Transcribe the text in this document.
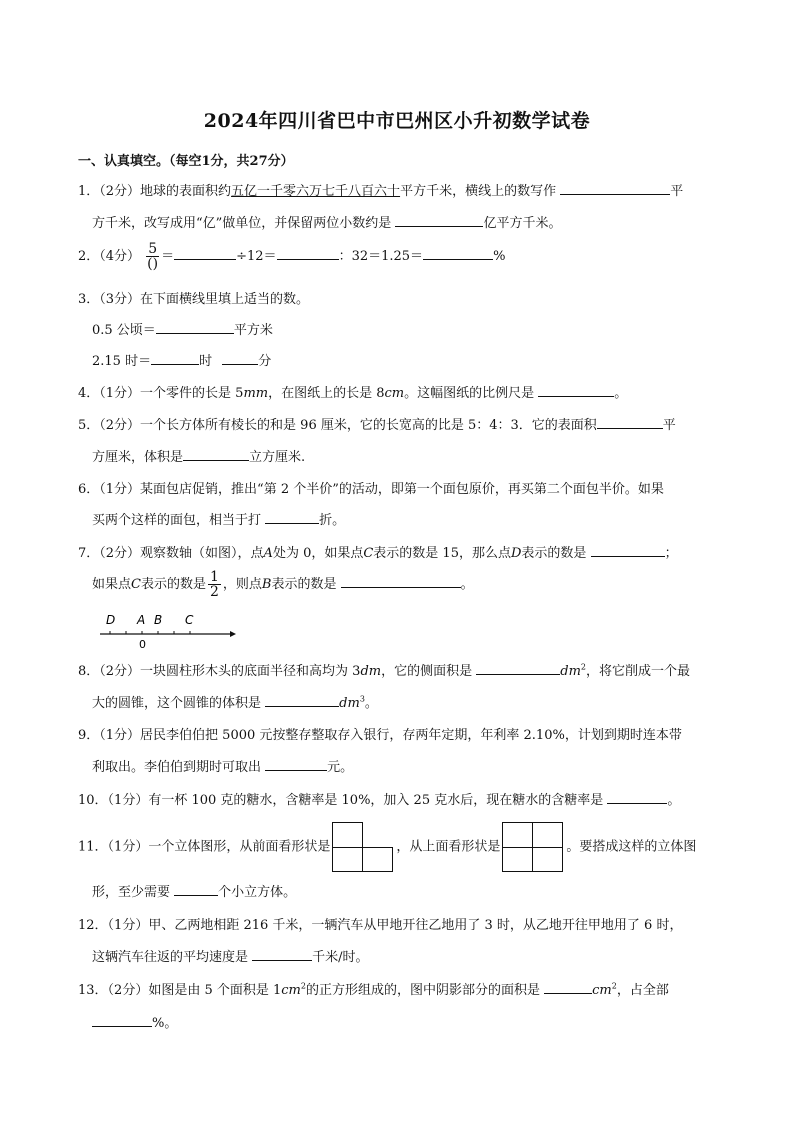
2024年四川省巴中市巴州区小升初数学试卷
一、认真填空。（每空1分，共27分）
1．（2分）地球的表面积约五亿一千零六万七千八百六十平方千米，横线上的数写作	平
方千米，改写成用“亿”做单位，并保留两位小数约是	亿平方千米。
2．（4分） $\frac{5}{()}$ ＝	÷12＝	：32＝1.25＝	%
3．（3分）在下面横线里填上适当的数。
0.5 公顷＝	平方米
2.15 时＝	时	分
4．（1分）一个零件的长是 5mm，在图纸上的长是 8cm。这幅图纸的比例尺是	。
5．（2分）一个长方体所有棱长的和是 96 厘米，它的长宽高的比是 5：4：3．它的表面积	平
方厘米，体积是	立方厘米.
6．（1分）某面包店促销，推出“第 2 个半价”的活动，即第一个面包原价，再买第二个面包半价。如果
买两个这样的面包，相当于打	折。
7．（2分）观察数轴（如图），点A处为 0，如果点C表示的数是 15，那么点D表示的数是	；
如果点C表示的数是 $\frac{1}{2}$ ，则点B表示的数是	。
D A B C
0
8．（2分）一块圆柱形木头的底面半径和高均为 3dm，它的侧面积是	$dm^2$，将它削成一个最
大的圆锥，这个圆锥的体积是	$dm^3$。
9．（1分）居民李伯伯把 5000 元按整存整取存入银行，存两年定期，年利率 2.10%，计划到期时连本带
利取出。李伯伯到期时可取出	元。
10．（1分）有一杯 100 克的糖水，含糖率是 10%，加入 25 克水后，现在糖水的含糖率是	。
11．（1分）一个立体图形，从前面看形状是	，从上面看形状是	。要搭成这样的立体图
形，至少需要	个小立方体。
12．（1分）甲、乙两地相距 216 千米，一辆汽车从甲地开往乙地用了 3 时，从乙地开往甲地用了 6 时，
这辆汽车往返的平均速度是	千米/时。
13．（2分）如图是由 5 个面积是 $1cm^2$的正方形组成的，图中阴影部分的面积是	$cm^2$，占全部
%。
